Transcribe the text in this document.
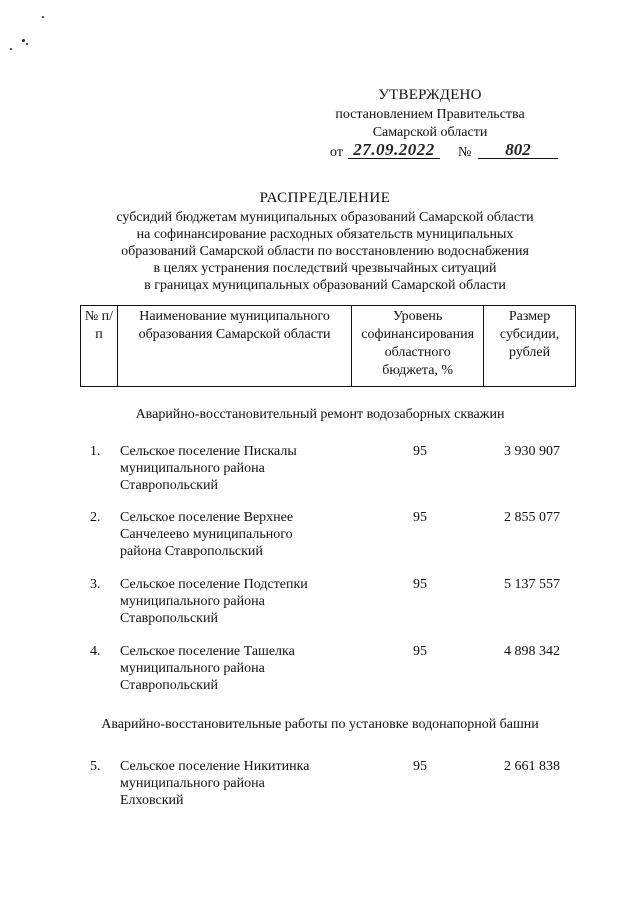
УТВЕРЖДЕНО
постановлением Правительства
Самарской области
от 27.09.2022	№	802
РАСПРЕДЕЛЕНИЕ
субсидий бюджетам муниципальных образований Самарской области
на софинансирование расходных обязательств муниципальных
образований Самарской области по восстановлению водоснабжения
в целях устранения последствий чрезвычайных ситуаций
в границах муниципальных образований Самарской области
№ п/п	Наименование муниципального образования Самарской области	Уровень софинансирования областного бюджета, %	Размер субсидии, рублей
Аварийно-восстановительный ремонт водозаборных скважин
1.	Сельское поселение Пискалы
муниципального района
Ставропольский
95	3 930 907
2.	Сельское поселение Верхнее
Санчелеево муниципального
района Ставропольский
95	2 855 077
3.	Сельское поселение Подстепки
муниципального района
Ставропольский
95	5 137 557
4.	Сельское поселение Ташелка
муниципального района
Ставропольский
95	4 898 342
Аварийно-восстановительные работы по установке водонапорной башни
5.	Сельское поселение Никитинка
муниципального района
Елховский
95	2 661 838
